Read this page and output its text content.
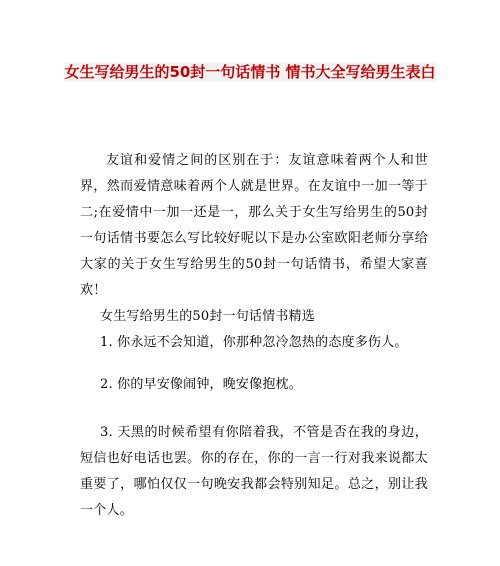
女生写给男生的50封一句话情书 情书大全写给男生表白

友谊和爱情之间的区别在于：友谊意味着两个人和世界，然而爱情意味着两个人就是世界。在友谊中一加一等于二;在爱情中一加一还是一，那么关于女生写给男生的50封一句话情书要怎么写比较好呢以下是办公室欧阳老师分享给大家的关于女生写给男生的50封一句话情书，希望大家喜欢！

女生写给男生的50封一句话情书精选

1. 你永远不会知道，你那种忽冷忽热的态度多伤人。

2. 你的早安像闹钟，晚安像抱枕。

3. 天黑的时候希望有你陪着我，不管是否在我的身边，短信也好电话也罢。你的存在，你的一言一行对我来说都太重要了，哪怕仅仅一句晚安我都会特别知足。总之，别让我一个人。
